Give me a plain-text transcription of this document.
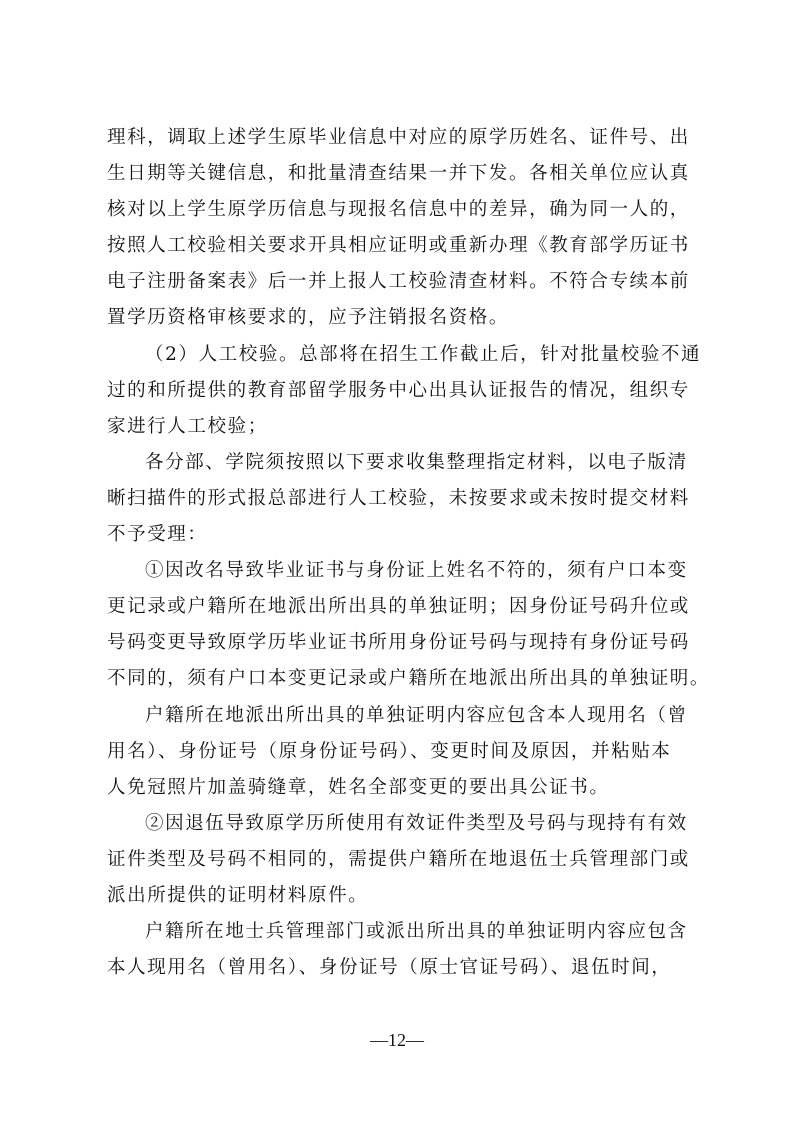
理科，调取上述学生原毕业信息中对应的原学历姓名、证件号、出
生日期等关键信息，和批量清查结果一并下发。各相关单位应认真
核对以上学生原学历信息与现报名信息中的差异，确为同一人的，
按照人工校验相关要求开具相应证明或重新办理《教育部学历证书
电子注册备案表》后一并上报人工校验清查材料。不符合专续本前
置学历资格审核要求的，应予注销报名资格。
（2）人工校验。总部将在招生工作截止后，针对批量校验不通
过的和所提供的教育部留学服务中心出具认证报告的情况，组织专
家进行人工校验；
各分部、学院须按照以下要求收集整理指定材料，以电子版清
晰扫描件的形式报总部进行人工校验，未按要求或未按时提交材料
不予受理：
①因改名导致毕业证书与身份证上姓名不符的，须有户口本变
更记录或户籍所在地派出所出具的单独证明；因身份证号码升位或
号码变更导致原学历毕业证书所用身份证号码与现持有身份证号码
不同的，须有户口本变更记录或户籍所在地派出所出具的单独证明。
户籍所在地派出所出具的单独证明内容应包含本人现用名（曾
用名）、身份证号（原身份证号码）、变更时间及原因，并粘贴本
人免冠照片加盖骑缝章，姓名全部变更的要出具公证书。
②因退伍导致原学历所使用有效证件类型及号码与现持有有效
证件类型及号码不相同的，需提供户籍所在地退伍士兵管理部门或
派出所提供的证明材料原件。
户籍所在地士兵管理部门或派出所出具的单独证明内容应包含
本人现用名（曾用名）、身份证号（原士官证号码）、退伍时间，
—12—
